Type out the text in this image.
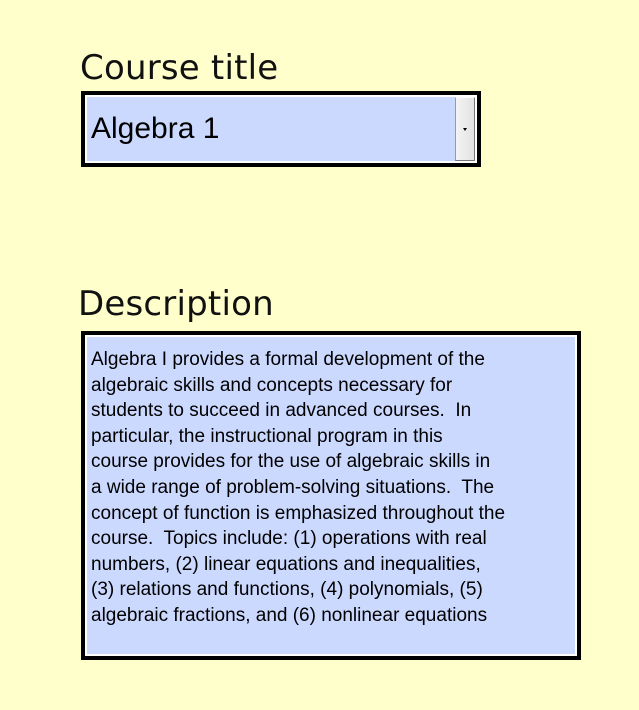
Course title
Algebra 1
Description
Algebra I provides a formal development of the
algebraic skills and concepts necessary for
students to succeed in advanced courses.  In
particular, the instructional program in this
course provides for the use of algebraic skills in
a wide range of problem-solving situations.  The
concept of function is emphasized throughout the
course.  Topics include: (1) operations with real
numbers, (2) linear equations and inequalities,
(3) relations and functions, (4) polynomials, (5)
algebraic fractions, and (6) nonlinear equations
